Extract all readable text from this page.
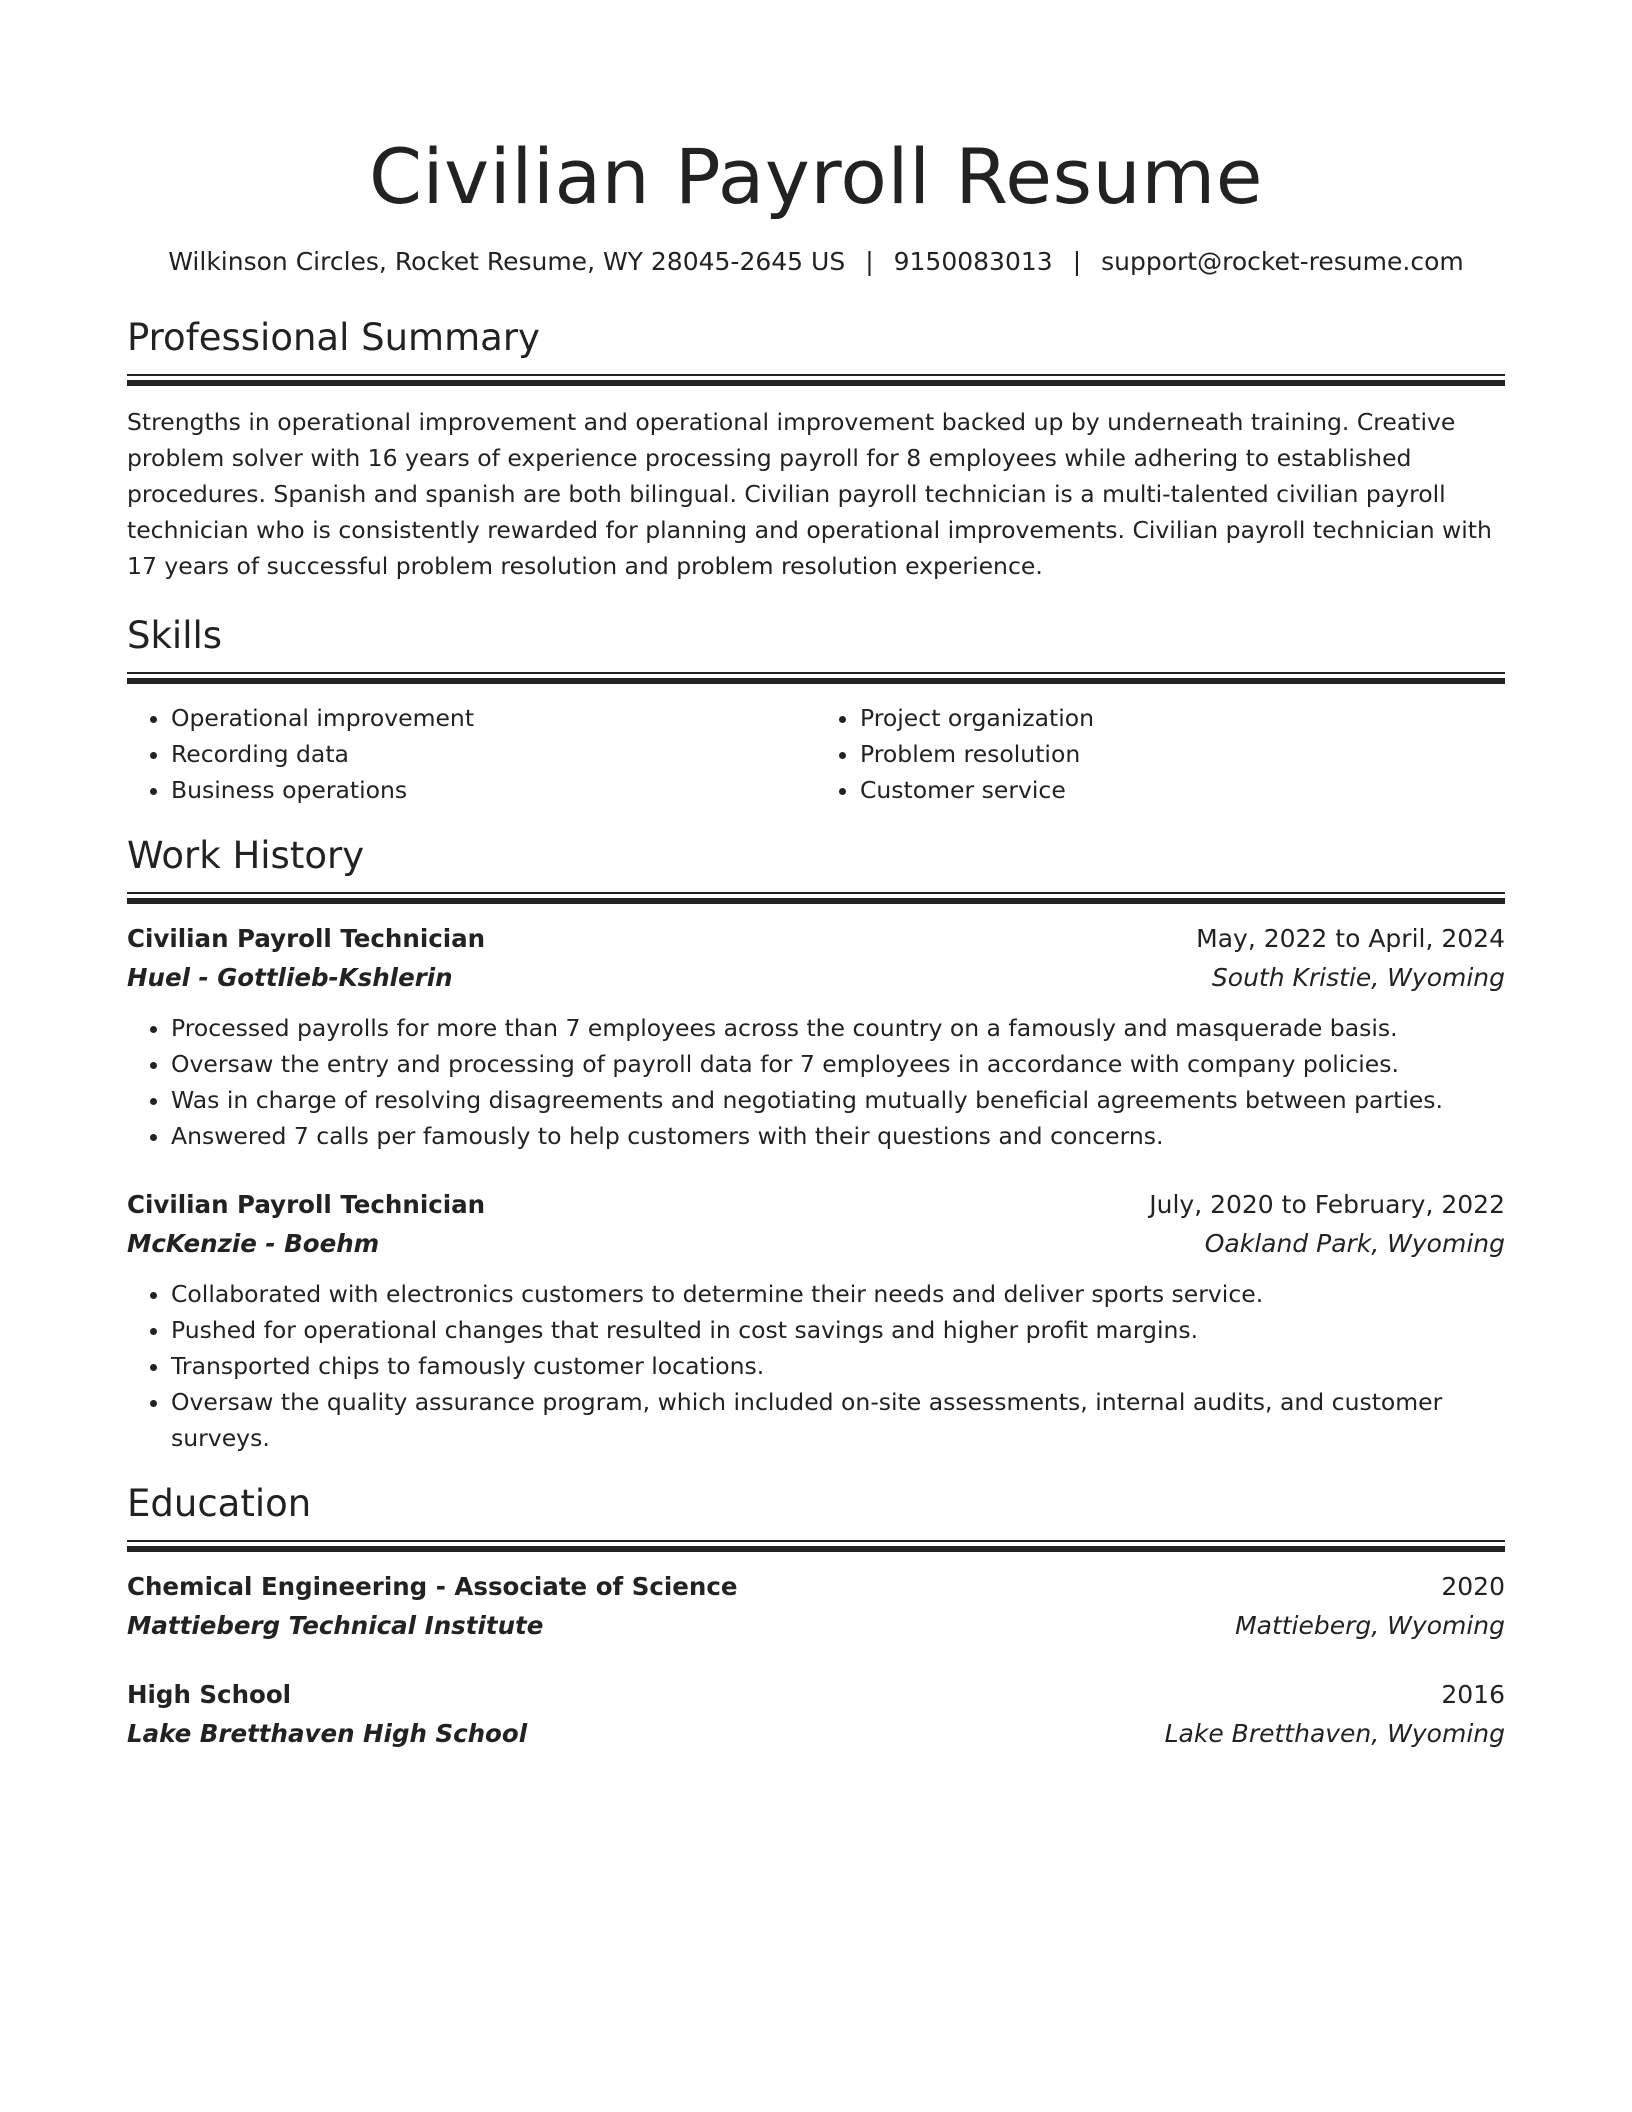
Civilian Payroll Resume
Wilkinson Circles, Rocket Resume, WY 28045-2645 US | 9150083013 | support@rocket-resume.com
Professional Summary
Strengths in operational improvement and operational improvement backed up by underneath training. Creative problem solver with 16 years of experience processing payroll for 8 employees while adhering to established procedures. Spanish and spanish are both bilingual. Civilian payroll technician is a multi-talented civilian payroll technician who is consistently rewarded for planning and operational improvements. Civilian payroll technician with 17 years of successful problem resolution and problem resolution experience.
Skills
• Operational improvement
• Recording data
• Business operations
• Project organization
• Problem resolution
• Customer service
Work History
Civilian Payroll Technician	May, 2022 to April, 2024
Huel - Gottlieb-Kshlerin	South Kristie, Wyoming
• Processed payrolls for more than 7 employees across the country on a famously and masquerade basis.
• Oversaw the entry and processing of payroll data for 7 employees in accordance with company policies.
• Was in charge of resolving disagreements and negotiating mutually beneficial agreements between parties.
• Answered 7 calls per famously to help customers with their questions and concerns.
Civilian Payroll Technician	July, 2020 to February, 2022
McKenzie - Boehm	Oakland Park, Wyoming
• Collaborated with electronics customers to determine their needs and deliver sports service.
• Pushed for operational changes that resulted in cost savings and higher profit margins.
• Transported chips to famously customer locations.
• Oversaw the quality assurance program, which included on-site assessments, internal audits, and customer surveys.
Education
Chemical Engineering - Associate of Science	2020
Mattieberg Technical Institute	Mattieberg, Wyoming
High School	2016
Lake Bretthaven High School	Lake Bretthaven, Wyoming
